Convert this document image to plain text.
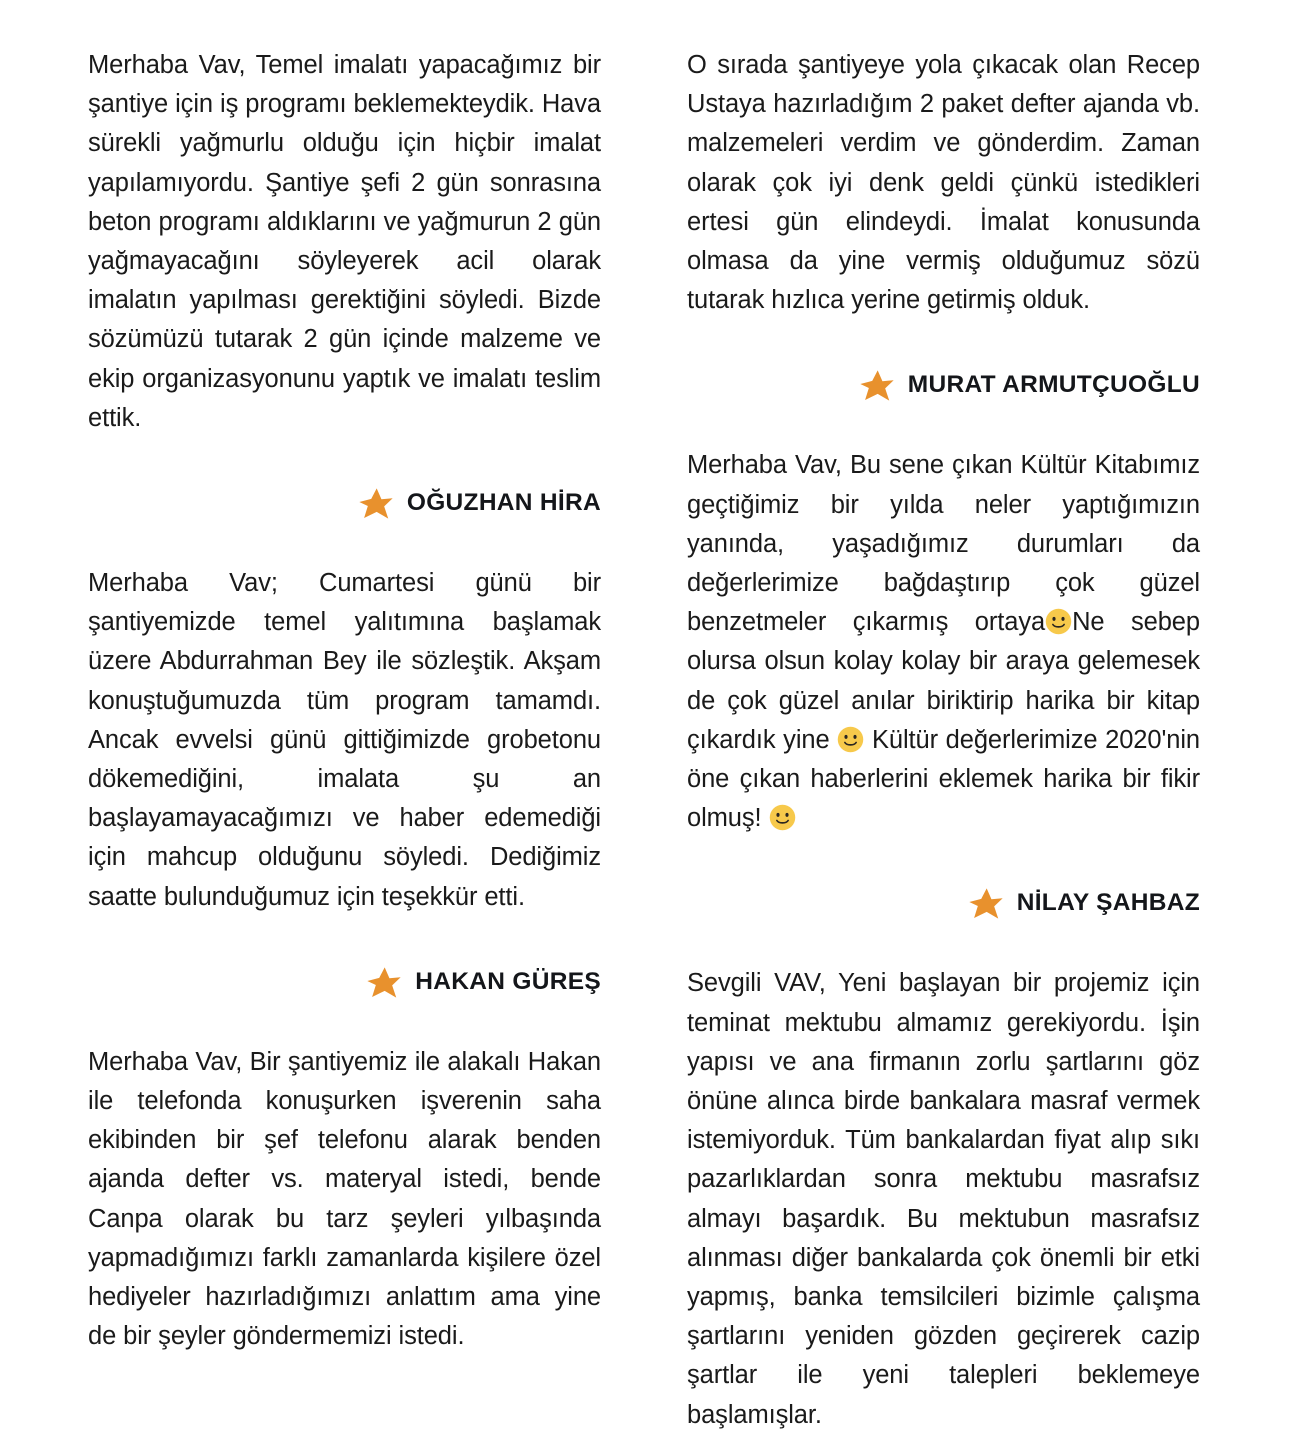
Merhaba Vav, Temel imalatı yapacağımız bir şantiye için iş programı beklemekteydik. Hava sürekli yağmurlu olduğu için hiçbir imalat yapılamıyordu. Şantiye şefi 2 gün sonrasına beton programı aldıklarını ve yağmurun 2 gün yağmayacağını söyleyerek acil olarak imalatın yapılması gerektiğini söyledi. Bizde sözümüzü tutarak 2 gün içinde malzeme ve ekip organizasyonunu yaptık ve imalatı teslim ettik.

OĞUZHAN HİRA

Merhaba Vav; Cumartesi günü bir şantiyemizde temel yalıtımına başlamak üzere Abdurrahman Bey ile sözleştik. Akşam konuştuğumuzda tüm program tamamdı. Ancak evvelsi günü gittiğimizde grobetonu dökemediğini, imalata şu an başlayamayacağımızı ve haber edemediği için mahcup olduğunu söyledi. Dediğimiz saatte bulunduğumuz için teşekkür etti.

HAKAN GÜREŞ

Merhaba Vav, Bir şantiyemiz ile alakalı Hakan ile telefonda konuşurken işverenin saha ekibinden bir şef telefonu alarak benden ajanda defter vs. materyal istedi, bende Canpa olarak bu tarz şeyleri yılbaşında yapmadığımızı farklı zamanlarda kişilere özel hediyeler hazırladığımızı anlattım ama yine de bir şeyler göndermemizi istedi.

O sırada şantiyeye yola çıkacak olan Recep Ustaya hazırladığım 2 paket defter ajanda vb. malzemeleri verdim ve gönderdim. Zaman olarak çok iyi denk geldi çünkü istedikleri ertesi gün elindeydi. İmalat konusunda olmasa da yine vermiş olduğumuz sözü tutarak hızlıca yerine getirmiş olduk.

MURAT ARMUTÇUOĞLU

Merhaba Vav, Bu sene çıkan Kültür Kitabımız geçtiğimiz bir yılda neler yaptığımızın yanında, yaşadığımız durumları da değerlerimize bağdaştırıp çok güzel benzetmeler çıkarmış ortaya Ne sebep olursa olsun kolay kolay bir araya gelemesek de çok güzel anılar biriktirip harika bir kitap çıkardık yine Kültür değerlerimize 2020'nin öne çıkan haberlerini eklemek harika bir fikir olmuş!

NİLAY ŞAHBAZ

Sevgili VAV, Yeni başlayan bir projemiz için teminat mektubu almamız gerekiyordu. İşin yapısı ve ana firmanın zorlu şartlarını göz önüne alınca birde bankalara masraf vermek istemiyorduk. Tüm bankalardan fiyat alıp sıkı pazarlıklardan sonra mektubu masrafsız almayı başardık. Bu mektubun masrafsız alınması diğer bankalarda çok önemli bir etki yapmış, banka temsilcileri bizimle çalışma şartlarını yeniden gözden geçirerek cazip şartlar ile yeni talepleri beklemeye başlamışlar.
